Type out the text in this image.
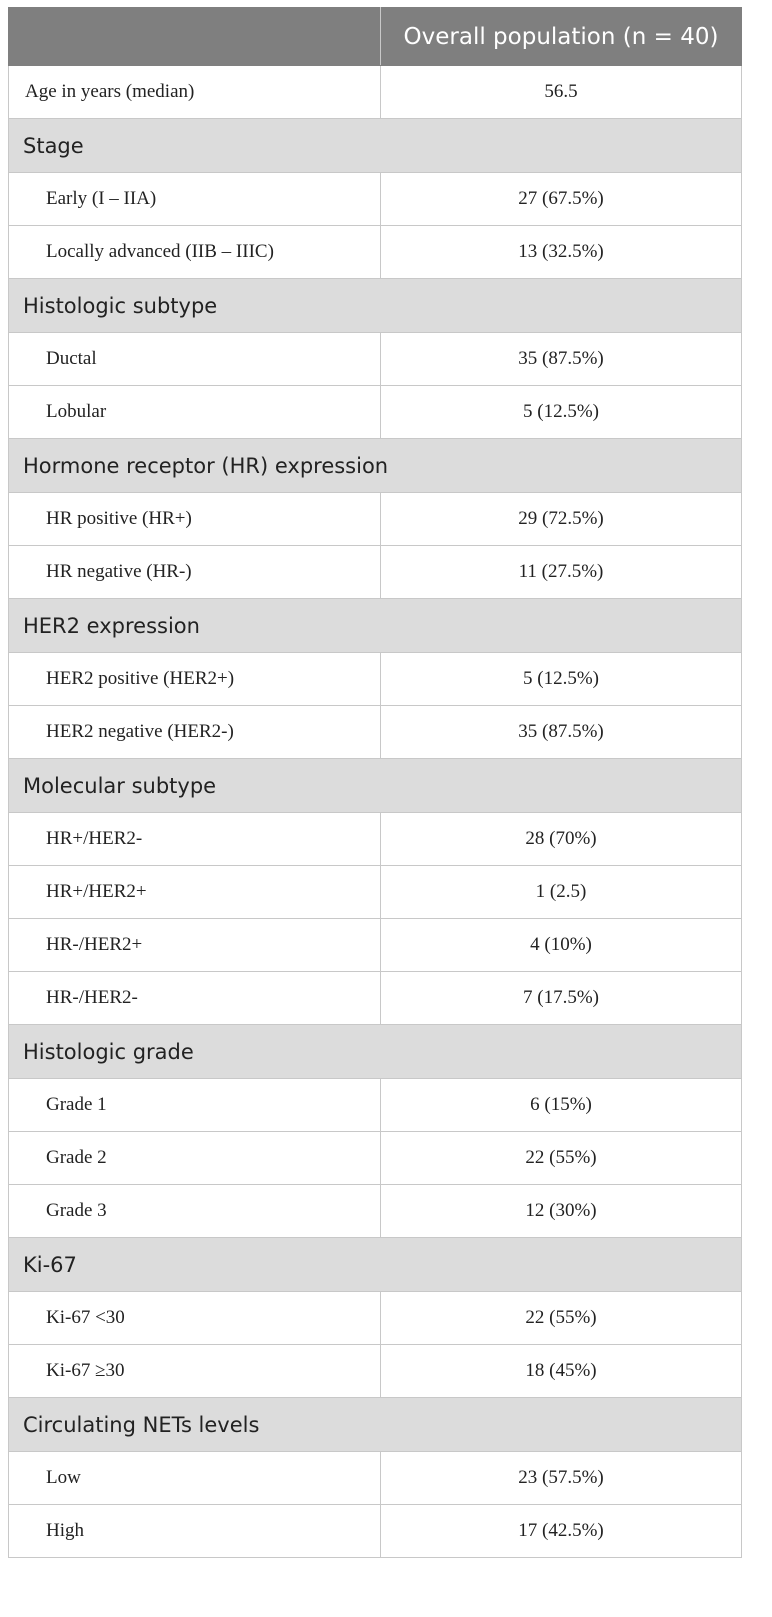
	Overall population (n = 40)
Age in years (median)	56.5
Stage	
Early (I – IIA)	27 (67.5%)
Locally advanced (IIB – IIIC)	13 (32.5%)
Histologic subtype	
Ductal	35 (87.5%)
Lobular	5 (12.5%)
Hormone receptor (HR) expression	
HR positive (HR+)	29 (72.5%)
HR negative (HR-)	11 (27.5%)
HER2 expression	
HER2 positive (HER2+)	5 (12.5%)
HER2 negative (HER2-)	35 (87.5%)
Molecular subtype	
HR+/HER2-	28 (70%)
HR+/HER2+	1 (2.5)
HR-/HER2+	4 (10%)
HR-/HER2-	7 (17.5%)
Histologic grade	
Grade 1	6 (15%)
Grade 2	22 (55%)
Grade 3	12 (30%)
Ki-67	
Ki-67 <30	22 (55%)
Ki-67 ≥30	18 (45%)
Circulating NETs levels	
Low	23 (57.5%)
High	17 (42.5%)
